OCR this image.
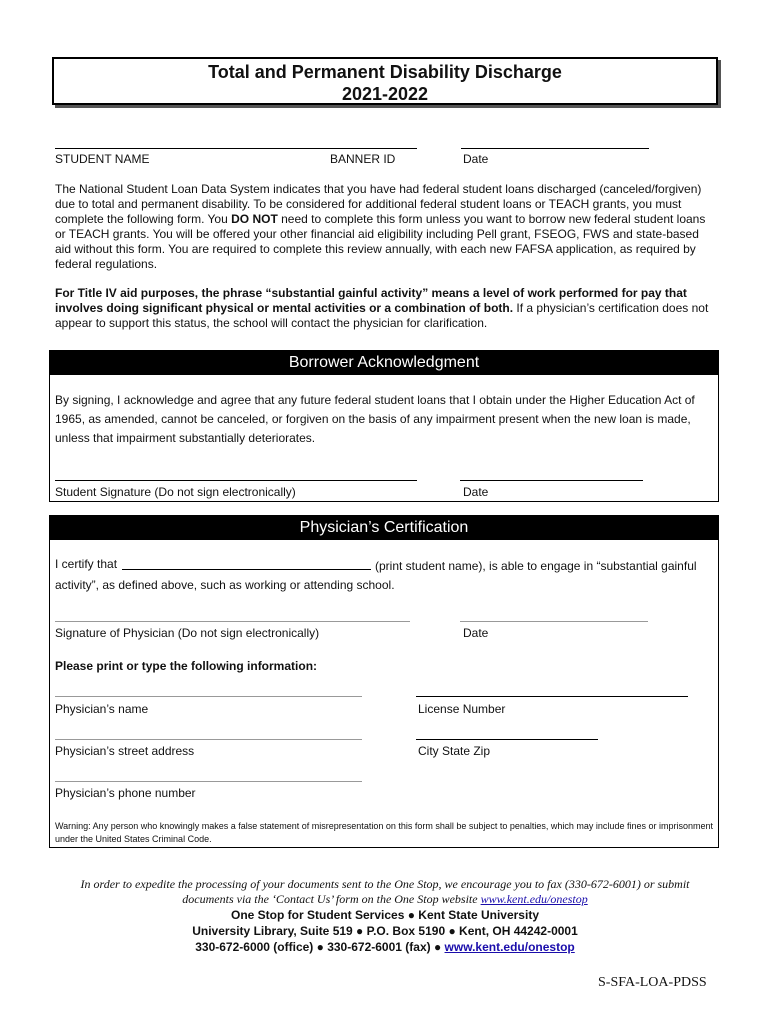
Total and Permanent Disability Discharge
2021-2022
STUDENT NAME	BANNER ID	Date
The National Student Loan Data System indicates that you have had federal student loans discharged (canceled/forgiven) due to total and permanent disability. To be considered for additional federal student loans or TEACH grants, you must complete the following form. You DO NOT need to complete this form unless you want to borrow new federal student loans or TEACH grants. You will be offered your other financial aid eligibility including Pell grant, FSEOG, FWS and state-based aid without this form. You are required to complete this review annually, with each new FAFSA application, as required by federal regulations.
For Title IV aid purposes, the phrase “substantial gainful activity” means a level of work performed for pay that involves doing significant physical or mental activities or a combination of both. If a physician’s certification does not appear to support this status, the school will contact the physician for clarification.
Borrower Acknowledgment
By signing, I acknowledge and agree that any future federal student loans that I obtain under the Higher Education Act of 1965, as amended, cannot be canceled, or forgiven on the basis of any impairment present when the new loan is made, unless that impairment substantially deteriorates.
Student Signature (Do not sign electronically)	Date
Physician’s Certification
I certify that	(print student name), is able to engage in “substantial gainful activity”, as defined above, such as working or attending school.
Signature of Physician (Do not sign electronically)	Date
Please print or type the following information:
Physician’s name	License Number
Physician’s street address	City State Zip
Physician’s phone number
Warning: Any person who knowingly makes a false statement of misrepresentation on this form shall be subject to penalties, which may include fines or imprisonment under the United States Criminal Code.
In order to expedite the processing of your documents sent to the One Stop, we encourage you to fax (330-672-6001) or submit
documents via the ‘Contact Us’ form on the One Stop website www.kent.edu/onestop
One Stop for Student Services ● Kent State University
University Library, Suite 519 ● P.O. Box 5190 ● Kent, OH 44242-0001
330-672-6000 (office) ● 330-672-6001 (fax) ● www.kent.edu/onestop
S-SFA-LOA-PDSS
